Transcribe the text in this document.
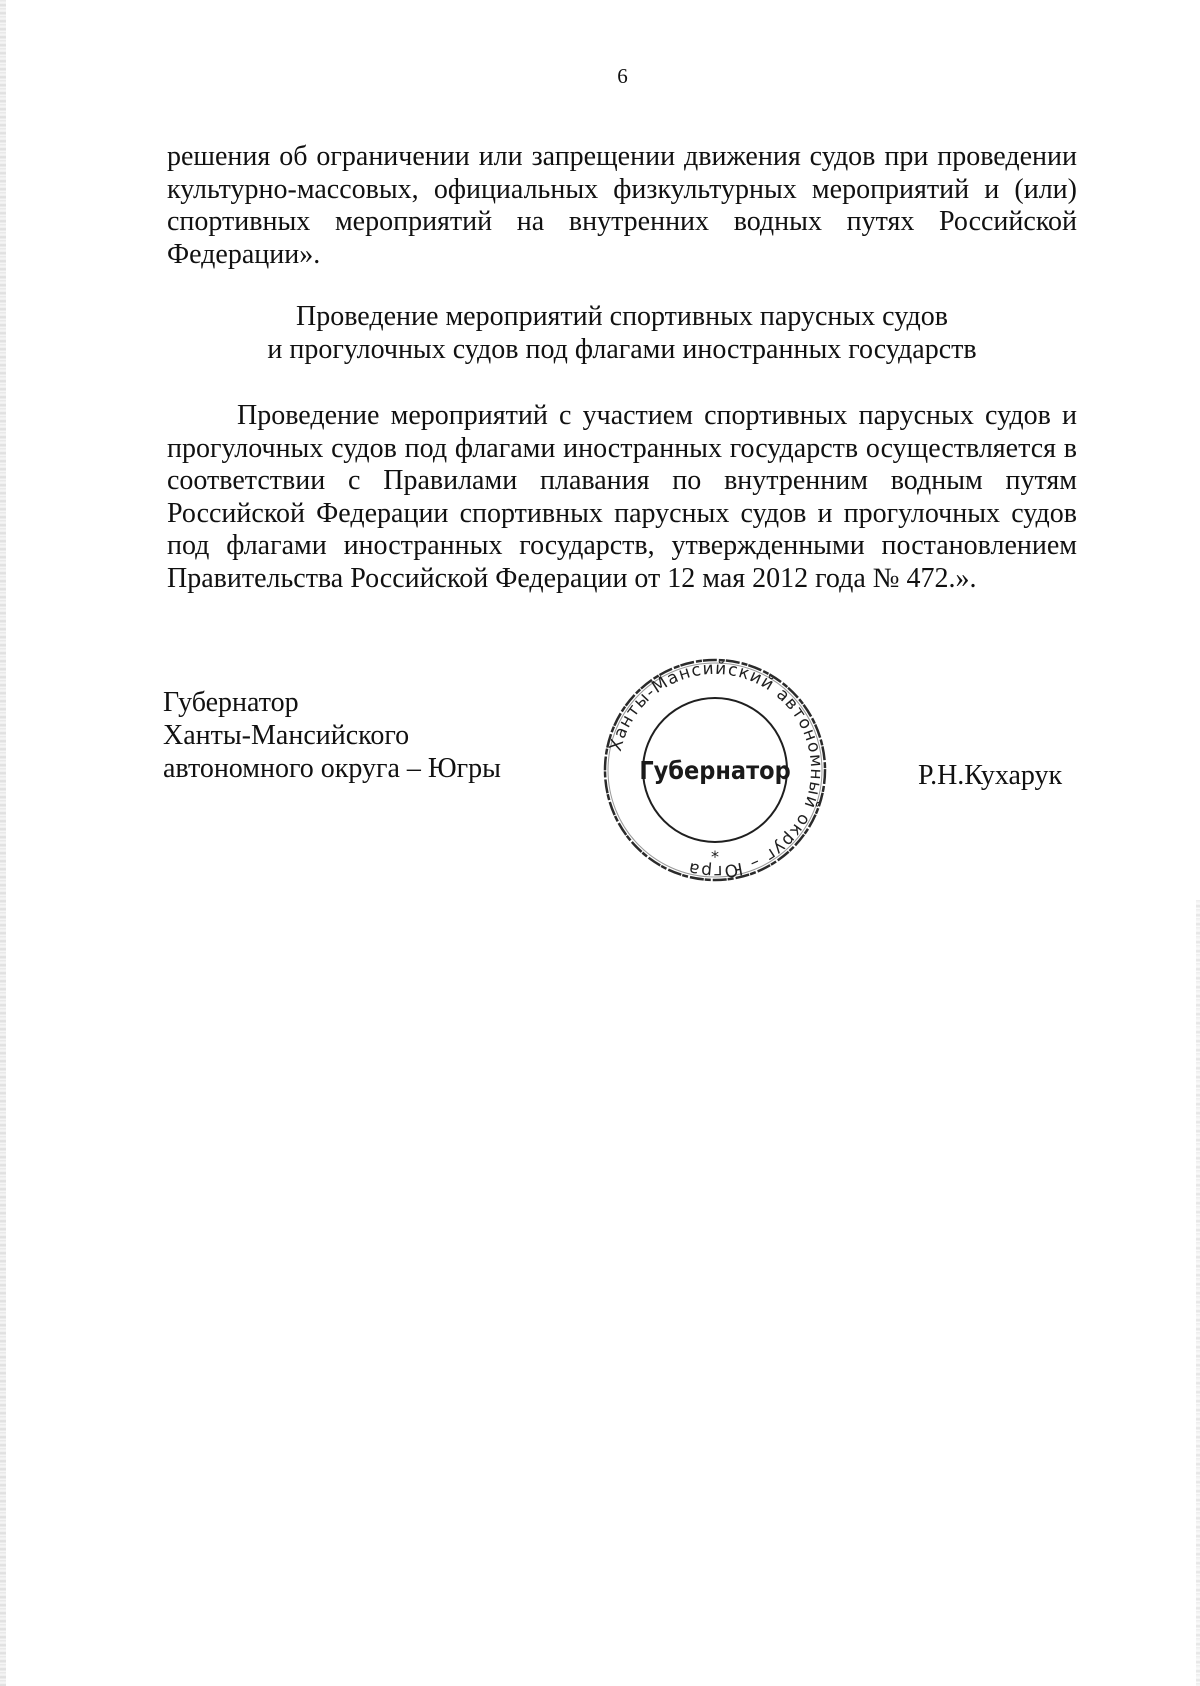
6
решения об ограничении или запрещении движения судов при проведении культурно-массовых, официальных физкультурных мероприятий и (или) спортивных мероприятий на внутренних водных путях Российской Федерации».
Проведение мероприятий спортивных парусных судов
и прогулочных судов под флагами иностранных государств
Проведение мероприятий с участием спортивных парусных судов и прогулочных судов под флагами иностранных государств осуществляется в соответствии с Правилами плавания по внутренним водным путям Российской Федерации спортивных парусных судов и прогулочных судов под флагами иностранных государств, утвержденными постановлением Правительства Российской Федерации от 12 мая 2012 года № 472.».
Губернатор
Ханты-Мансийского
автономного округа – Югры
Ханты-Мансийский автономный округ – Югра
Губернатор
*
Р.Н.Кухарук
